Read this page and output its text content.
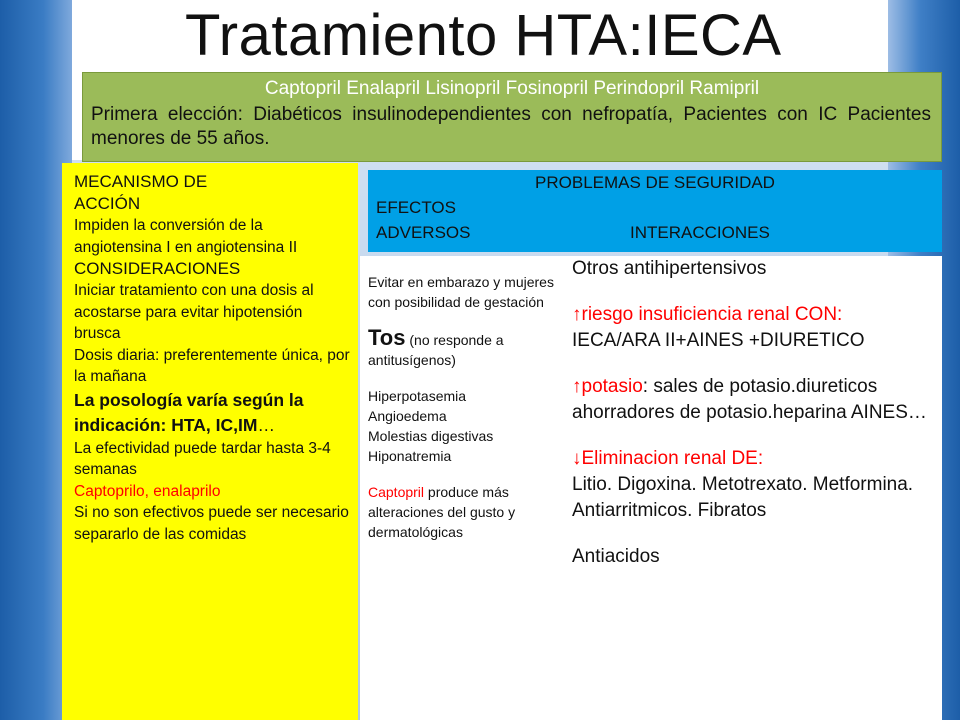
Tratamiento HTA:IECA
Captopril Enalapril Lisinopril Fosinopril Perindopril Ramipril
Primera elección: Diabéticos insulinodependientes con nefropatía, Pacientes con IC Pacientes menores de 55 años.
MECANISMO DE
ACCIÓN
Impiden la conversión de la angiotensina I en angiotensina II
CONSIDERACIONES
Iniciar tratamiento con una dosis al acostarse para evitar hipotensión brusca
Dosis diaria: preferentemente única, por la mañana
La posología varía según la indicación: HTA, IC,IM…
La efectividad puede tardar hasta 3-4 semanas
Captoprilo, enalaprilo
Si no son efectivos puede ser necesario separarlo de las comidas
PROBLEMAS DE SEGURIDAD
EFECTOS
ADVERSOS	INTERACCIONES
Evitar en embarazo y mujeres con posibilidad de gestación
Tos (no responde a antitusígenos)
Hiperpotasemia
Angioedema
Molestias digestivas
Hiponatremia
Captopril produce más alteraciones del gusto y dermatológicas
Otros antihipertensivos
↑riesgo insuficiencia renal CON:
IECA/ARA II+AINES +DIURETICO
↑potasio: sales de potasio.diureticos ahorradores de potasio.heparina AINES…
↓Eliminacion renal DE:
Litio. Digoxina. Metotrexato. Metformina. Antiarritmicos. Fibratos
Antiacidos
